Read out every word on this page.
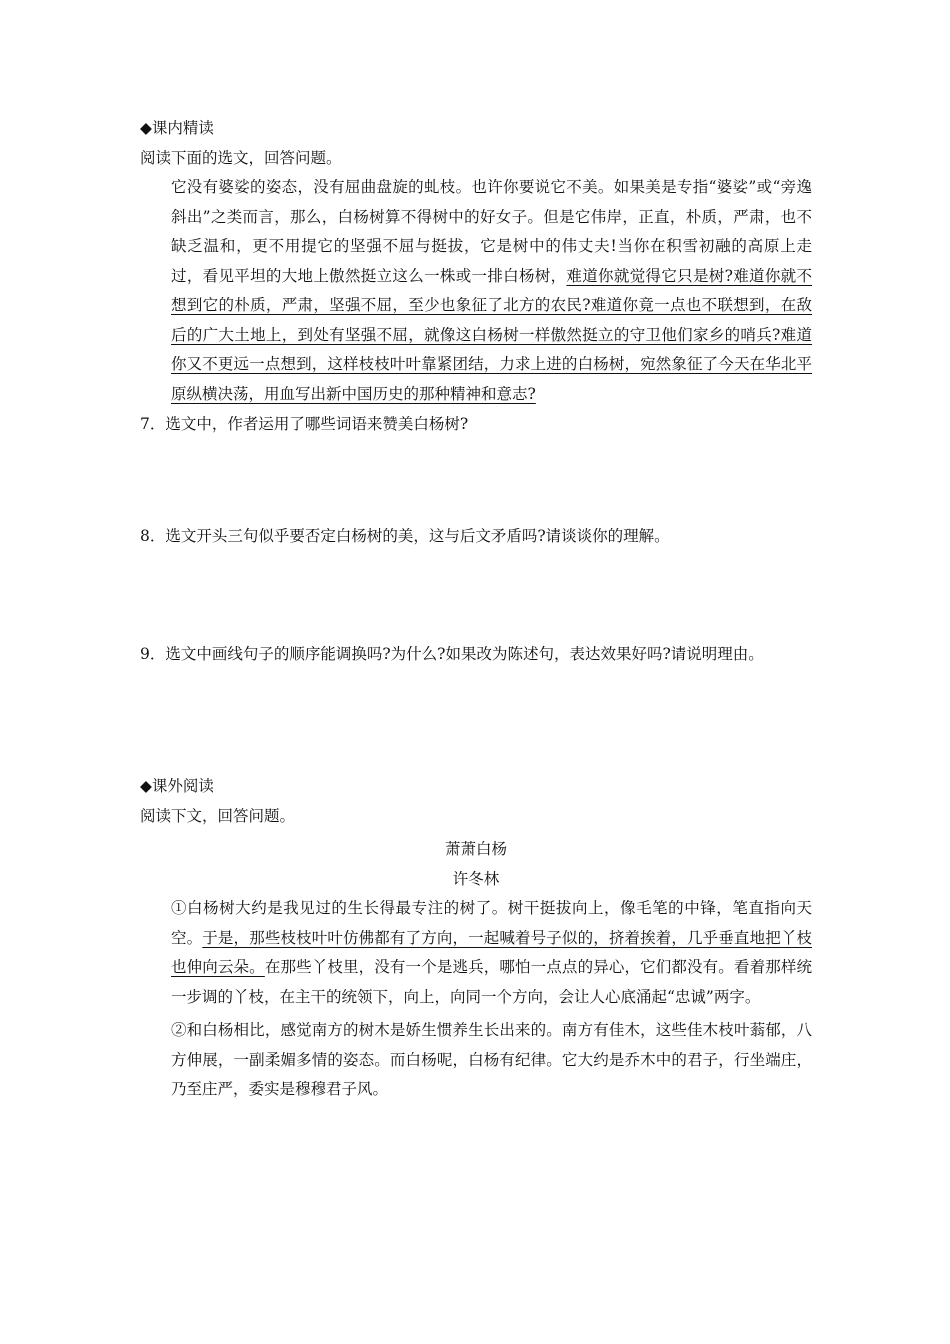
◆课内精读
阅读下面的选文，回答问题。
它没有婆娑的姿态，没有屈曲盘旋的虬枝。也许你要说它不美。如果美是专指“婆娑”或“旁逸斜出”之类而言，那么，白杨树算不得树中的好女子。但是它伟岸，正直，朴质，严肃，也不缺乏温和，更不用提它的坚强不屈与挺拔，它是树中的伟丈夫!当你在积雪初融的高原上走过，看见平坦的大地上傲然挺立这么一株或一排白杨树，难道你就觉得它只是树?难道你就不想到它的朴质，严肃，坚强不屈，至少也象征了北方的农民?难道你竟一点也不联想到，在敌后的广大土地上，到处有坚强不屈，就像这白杨树一样傲然挺立的守卫他们家乡的哨兵?难道你又不更远一点想到，这样枝枝叶叶靠紧团结，力求上进的白杨树，宛然象征了今天在华北平原纵横决荡，用血写出新中国历史的那种精神和意志?
7．选文中，作者运用了哪些词语来赞美白杨树?
8．选文开头三句似乎要否定白杨树的美，这与后文矛盾吗?请谈谈你的理解。
9．选文中画线句子的顺序能调换吗?为什么?如果改为陈述句，表达效果好吗?请说明理由。
◆课外阅读
阅读下文，回答问题。
萧萧白杨
许冬林
①白杨树大约是我见过的生长得最专注的树了。树干挺拔向上，像毛笔的中锋，笔直指向天空。于是，那些枝枝叶叶仿佛都有了方向，一起喊着号子似的，挤着挨着，几乎垂直地把丫枝也伸向云朵。在那些丫枝里，没有一个是逃兵，哪怕一点点的异心，它们都没有。看着那样统一步调的丫枝，在主干的统领下，向上，向同一个方向，会让人心底涌起“忠诚”两字。
②和白杨相比，感觉南方的树木是娇生惯养生长出来的。南方有佳木，这些佳木枝叶蓊郁，八方伸展，一副柔媚多情的姿态。而白杨呢，白杨有纪律。它大约是乔木中的君子，行坐端庄，乃至庄严，委实是穆穆君子风。
